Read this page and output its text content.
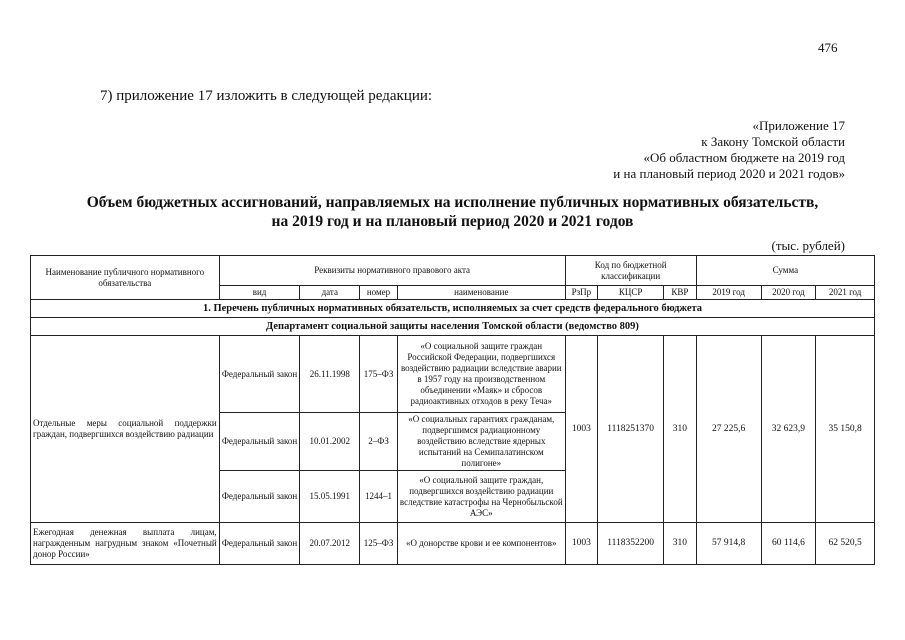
476
7) приложение 17 изложить в следующей редакции:
«Приложение 17
к Закону Томской области
«Об областном бюджете на 2019 год
и на плановый период 2020 и 2021 годов»
Объем бюджетных ассигнований, направляемых на исполнение публичных нормативных обязательств,
на 2019 год и на плановый период 2020 и 2021 годов
(тыс. рублей)
Наименование публичного нормативного обязательства	Реквизиты нормативного правового акта				Код по бюджетной классификации			Сумма		
	вид	дата	номер	наименование	РзПр	КЦСР	КВР	2019 год	2020 год	2021 год
1. Перечень публичных нормативных обязательств, исполняемых за счет средств федерального бюджета										
Департамент социальной защиты населения Томской области (ведомство 809)										
Отдельные меры социальной поддержки граждан, подвергшихся воздействию радиации	Федеральный закон	26.11.1998	175–ФЗ	«О социальной защите граждан Российской Федерации, подвергшихся воздействию радиации вследствие аварии в 1957 году на производственном объединении «Маяк» и сбросов радиоактивных отходов в реку Теча»	1003	1118251370	310	27 225,6	32 623,9	35 150,8
	Федеральный закон	10.01.2002	2–ФЗ	«О социальных гарантиях гражданам, подвергшимся радиационному воздействию вследствие ядерных испытаний на Семипалатинском полигоне»						
	Федеральный закон	15.05.1991	1244–1	«О социальной защите граждан, подвергшихся воздействию радиации вследствие катастрофы на Чернобыльской АЭС»						
Ежегодная денежная выплата лицам, награжденным нагрудным знаком «Почетный донор России»	Федеральный закон	20.07.2012	125–ФЗ	«О донорстве крови и ее компонентов»	1003	1118352200	310	57 914,8	60 114,6	62 520,5
